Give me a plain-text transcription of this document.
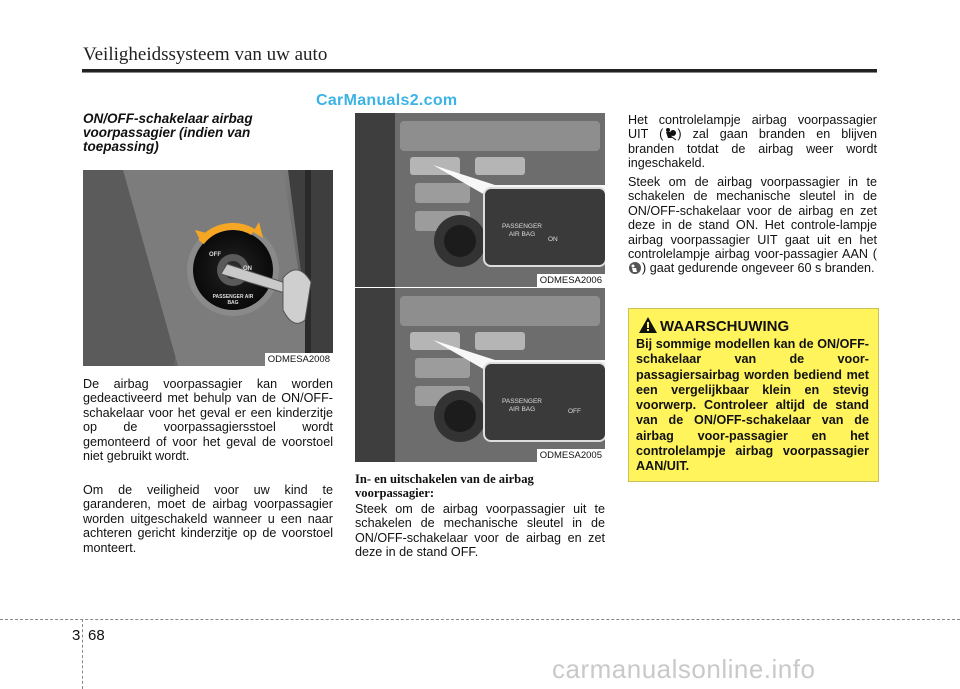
Veiligheidssysteem van uw auto
CarManuals2.com
ON/OFF-schakelaar airbag voorpassagier (indien van toepassing)
OFF
ON
PASSENGER AIR BAG
ODMESA2008
De airbag voorpassagier kan worden gedeactiveerd met behulp van de ON/OFF-schakelaar voor het geval er een kinderzitje op de voorpassagiersstoel wordt gemonteerd of voor het geval de voorstoel niet gebruikt wordt.
Om de veiligheid voor uw kind te garanderen, moet de airbag voorpassagier worden uitgeschakeld wanneer u een naar achteren gericht kinderzitje op de voorstoel monteert.
PASSENGER AIR BAG
ON
ODMESA2006
PASSENGER AIR BAG	OFF
ODMESA2005
In- en uitschakelen van de airbag voorpassagier:
Steek om de airbag voorpassagier uit te schakelen de mechanische sleutel in de ON/OFF-schakelaar voor de airbag en zet deze in de stand OFF.
Het controlelampje airbag voorpassagier UIT ( ) zal gaan branden en blijven branden totdat de airbag weer wordt ingeschakeld.
Steek om de airbag voorpassagier in te schakelen de mechanische sleutel in de ON/OFF-schakelaar voor de airbag en zet deze in de stand ON. Het controle-lampje airbag voorpassagier UIT gaat uit en het controlelampje airbag voor-passagier AAN () gaat gedurende ongeveer 60 s branden.
WAARSCHUWING
Bij sommige modellen kan de ON/OFF-schakelaar van de voor-passagiersairbag worden bediend met een vergelijkbaar klein en stevig voorwerp. Controleer altijd de stand van de ON/OFF-schakelaar van de airbag voor-passagier en het controlelampje airbag voorpassagier AAN/UIT.
3 68
carmanualsonline.info
